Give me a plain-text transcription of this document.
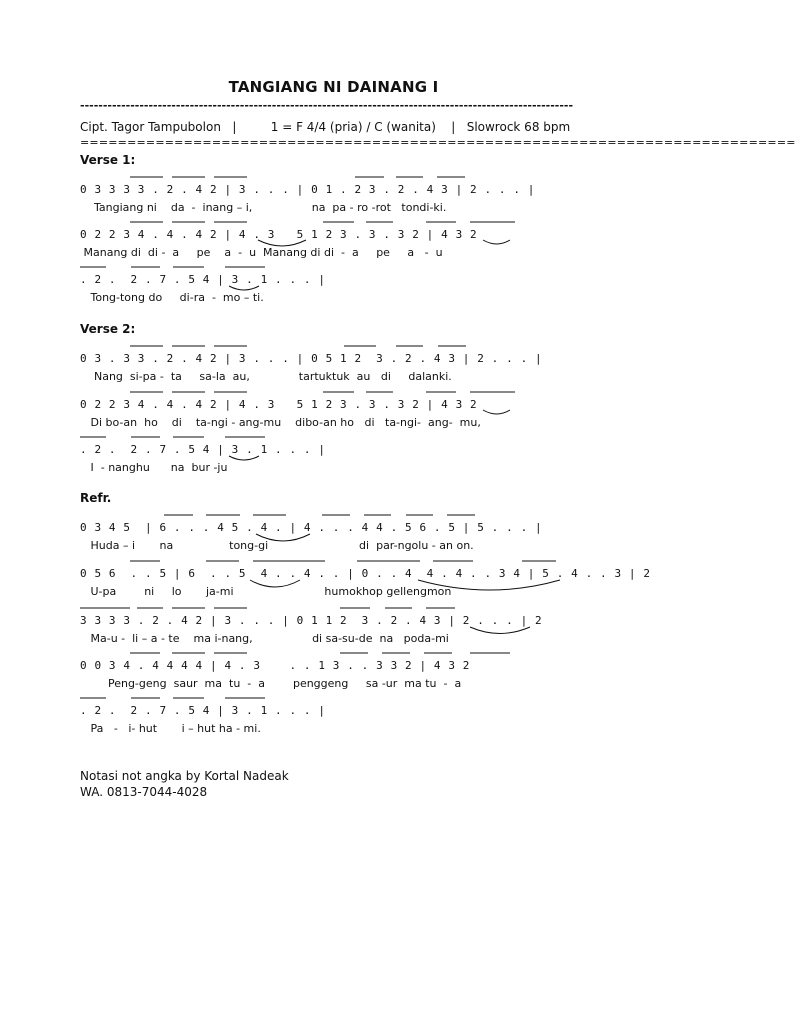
TANGIANG NI DAINANG I
------------------------------------------------------------------------------------------------------------
Cipt. Tagor Tampubolon |	1 = F 4/4 (pria) / C (wanita) | Slowrock 68 bpm
============================================================================
Verse 1:
0 3 3 3 3 . 2 . 4 2 | 3 . . . | 0 1 . 2 3 . 2 . 4 3 | 2 . . . |
Tangiang ni    da  -  inang – i,                 na  pa - ro -rot   tondi-ki.
0 2 2 3 4 . 4 . 4 2 | 4 . 3   5 1 2 3 . 3 . 3 2 | 4 3 2
Manang di  di -  a     pe    a  -  u  Manang di di  -  a     pe     a   -  u
. 2 .  2 . 7 . 5 4 | 3 . 1 . . . |
Tong-tong do     di-ra  -  mo – ti.
Verse 2:
0 3 . 3 3 . 2 . 4 2 | 3 . . . | 0 5 1 2  3 . 2 . 4 3 | 2 . . . |
Nang  si-pa -  ta     sa-la  au,              tartuktuk  au   di     dalanki.
0 2 2 3 4 . 4 . 4 2 | 4 . 3   5 1 2 3 . 3 . 3 2 | 4 3 2
Di bo-an  ho    di    ta-ngi - ang-mu    dibo-an ho   di   ta-ngi-  ang-  mu,
. 2 .  2 . 7 . 5 4 | 3 . 1 . . . |
I  - nanghu      na  bur -ju
Refr.
0 3 4 5  | 6 . . . 4 5 . 4 . | 4 . . . 4 4 . 5 6 . 5 | 5 . . . |
Huda – i       na                tong-gi                          di  par-ngolu - an on.
0 5 6  . . 5 | 6  . . 5  4 . . 4 . . | 0 . . 4  4 . 4 . . 3 4 | 5 . 4 . . 3 | 2
U-pa        ni     lo       ja-mi                          humokhop gellengmon
3 3 3 3 . 2 . 4 2 | 3 . . . | 0 1 1 2  3 . 2 . 4 3 | 2 . . . | 2
Ma-u -  li – a - te    ma i-nang,                 di sa-su-de  na   poda-mi
0 0 3 4 . 4 4 4 4 | 4 . 3    . . 1 3 . . 3 3 2 | 4 3 2
Peng-geng  saur  ma  tu  -  a        penggeng     sa -ur  ma tu  -  a
. 2 .  2 . 7 . 5 4 | 3 . 1 . . . |
Pa   -   i- hut       i – hut ha - mi.
Notasi not angka by Kortal Nadeak
WA. 0813-7044-4028
